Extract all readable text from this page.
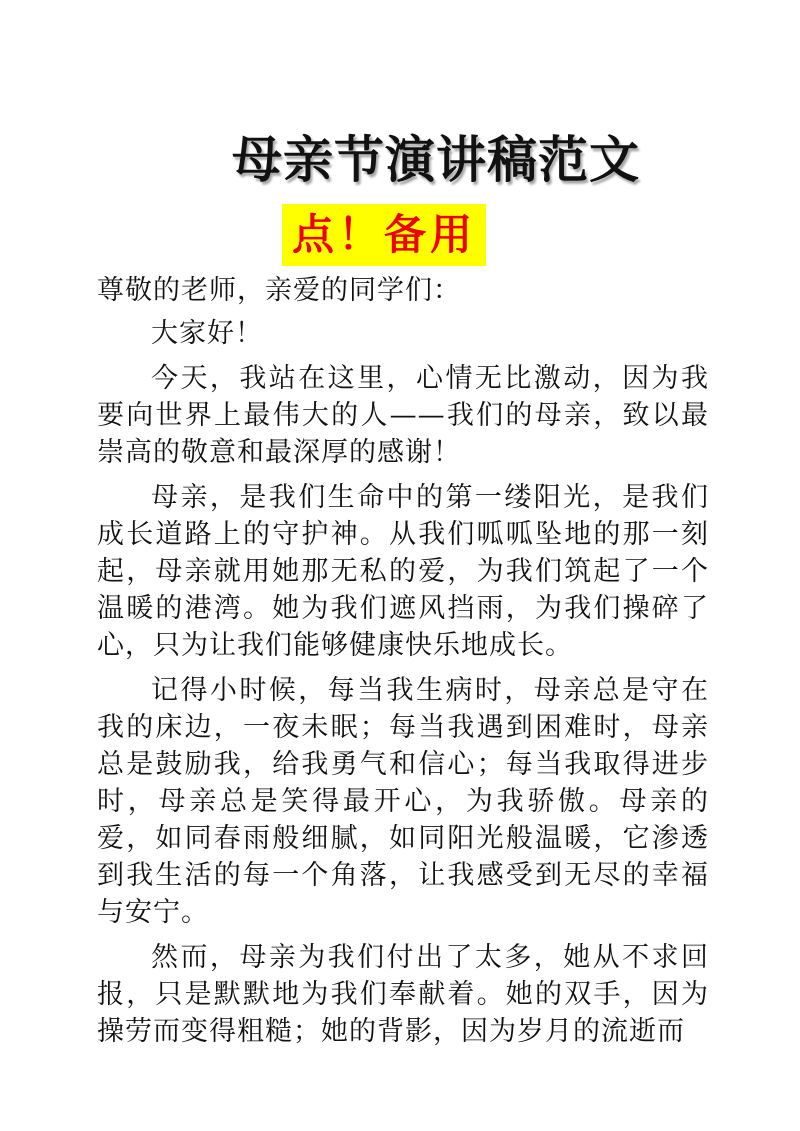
母亲节演讲稿范文
点！备用

尊敬的老师，亲爱的同学们：

大家好！

今天，我站在这里，心情无比激动，因为我要向世界上最伟大的人——我们的母亲，致以最崇高的敬意和最深厚的感谢！

母亲，是我们生命中的第一缕阳光，是我们成长道路上的守护神。从我们呱呱坠地的那一刻起，母亲就用她那无私的爱，为我们筑起了一个温暖的港湾。她为我们遮风挡雨，为我们操碎了心，只为让我们能够健康快乐地成长。

记得小时候，每当我生病时，母亲总是守在我的床边，一夜未眠；每当我遇到困难时，母亲总是鼓励我，给我勇气和信心；每当我取得进步时，母亲总是笑得最开心，为我骄傲。母亲的爱，如同春雨般细腻，如同阳光般温暖，它渗透到我生活的每一个角落，让我感受到无尽的幸福与安宁。

然而，母亲为我们付出了太多，她从不求回报，只是默默地为我们奉献着。她的双手，因为操劳而变得粗糙；她的背影，因为岁月的流逝而
